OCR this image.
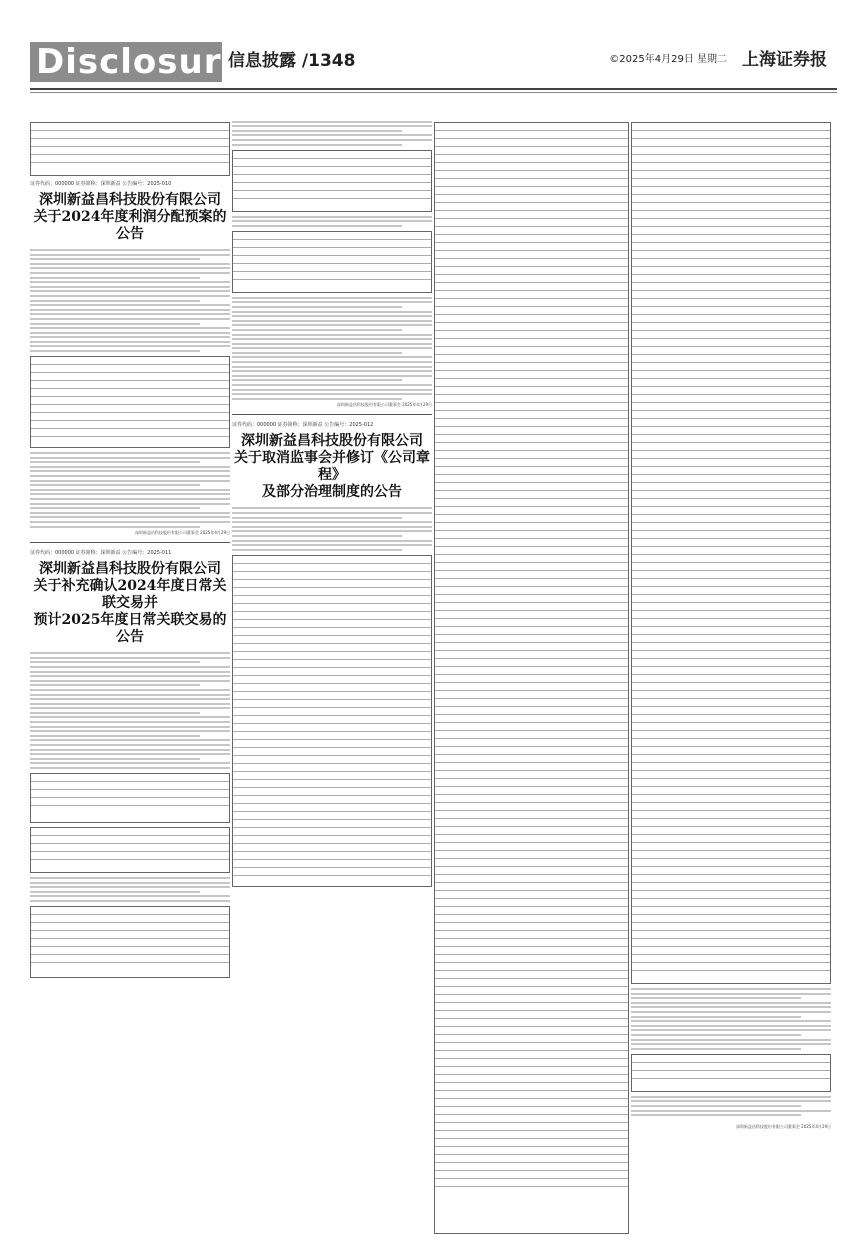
Disclosure
信息披露 /1348	©2025年4月29日 星期二 上海证券报
证券代码：000000 证券简称：深圳新益 公告编号：2025-010
深圳新益昌科技股份有限公司
关于2024年度利润分配预案的公告
深圳新益昌科技股份有限公司董事会 2025年4月29日
证券代码：000000 证券简称：深圳新益 公告编号：2025-011
深圳新益昌科技股份有限公司
关于补充确认2024年度日常关联交易并
预计2025年度日常关联交易的公告
深圳新益昌科技股份有限公司董事会 2025年4月29日
证券代码：000000 证券简称：深圳新益 公告编号：2025-012
深圳新益昌科技股份有限公司
关于取消监事会并修订《公司章程》
及部分治理制度的公告
深圳新益昌科技股份有限公司董事会 2025年4月29日
